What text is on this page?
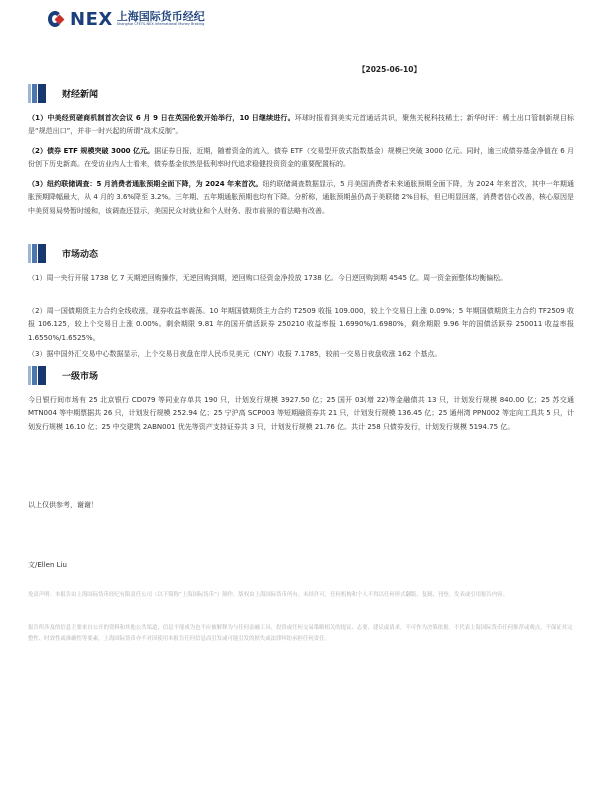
NEX 上海国际货币经纪
Shanghai CFETS-NEX International Money Broking
【2025-06-10】
财经新闻
（1）中美经贸磋商机制首次会议 6 月 9 日在英国伦敦开始举行，10 日继续进行。环球时报看到美实元首通话共识，聚焦关税科技稀土；新华时评：稀土出口管制新规目标是“规范出口”，并非一时兴起的所谓“战术反制”。
（2）债券 ETF 规模突破 3000 亿元。据证券日报，近期，随着资金的流入，债券 ETF（交易型开放式指数基金）规模已突破 3000 亿元。同时，逾三成债券基金净值在 6 月份创下历史新高。在受访业内人士看来，债券基金依然是低利率时代追求稳健投资资金的重要配置标的。
（3）纽约联储调查：5 月消费者通胀预期全面下降，为 2024 年来首次。纽约联储调查数据显示，5 月美国消费者未来通胀预期全面下降，为 2024 年来首次，其中一年期通胀预期降幅最大，从 4 月的 3.6%降至 3.2%。三年期、五年期通胀预期也均有下降。分析称，通胀预期虽仍高于美联储 2%目标，但已明显回落，消费者信心改善，核心原因是中美贸易局势暂时缓和，该调查还显示，美国民众对就业和个人财务、股市前景的看法略有改善。
市场动态
（1）周一央行开展 1738 亿 7 天期逆回购操作，无逆回购到期，逆回购口径资金净投放 1738 亿。今日逆回购到期 4545 亿。周一资金面整体均衡偏松。
（2）周一国债期货主力合约全线收涨，现券收益率震荡。10 年期国债期货主力合约 T2509 收报 109.000，较上个交易日上涨 0.09%；5 年期国债期货主力合约 TF2509 收报 106.125，较上个交易日上涨 0.00%。剩余期限 9.81 年的国开债活跃券 250210 收益率报 1.6990%/1.6980%，剩余期限 9.96 年的国债活跃券 250011 收益率报 1.6550%/1.6525%。
（3）据中国外汇交易中心数据显示，上个交易日夜盘在岸人民币兑美元（CNY）收报 7.1785，较前一交易日夜盘收涨 162 个基点。
一级市场
今日银行间市场有 25 北京银行 CD079 等同业存单共 190 只，计划发行规模 3927.50 亿；25 国开 03(增 22)等金融债共 13 只，计划发行规模 840.00 亿；25 苏交通 MTN004 等中期票据共 26 只，计划发行规模 252.94 亿；25 宁沪高 SCP003 等短期融资券共 21 只，计划发行规模 136.45 亿；25 通州湾 PPN002 等定向工具共 5 只，计划发行规模 16.10 亿；25 中交建筑 2ABN001 优先等资产支持证券共 3 只，计划发行规模 21.76 亿。共计 258 只债券发行，计划发行规模 5194.75 亿。
以上仅供参考，谢谢！
文/Ellen Liu
免责声明：本报告由上海国际货币经纪有限责任公司（以下简称“上海国际货币”）制作，版权由上海国际货币所有。未经许可，任何机构和个人不得以任何形式翻版、复制、刊登、发表或引用报告内容。
报告所涉及的信息主要来自公开的资料和其他公共渠道，信息不能成为也不应被解释为与任何金融工具、投资或任何交易策略相关的提议、志要、建议或请求，不可作为决策依据。不代表上海国际货币任何推荐或观点，不保证其完整性、时效性或准确性等要素，上海国际货币亦不对因使用本报告任何信息而引发或可能引发的损失或法律纠纷承担任何责任。
